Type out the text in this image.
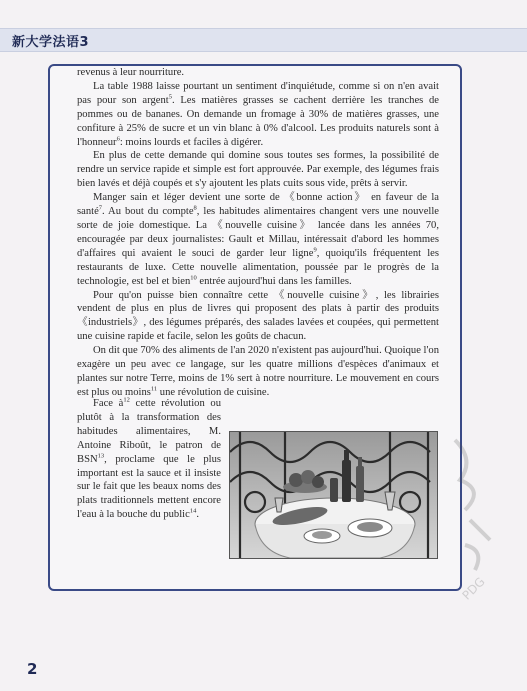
新大学法语3

revenus à leur nourriture.

La table 1988 laisse pourtant un sentiment d'inquiétude, comme si on n'en avait pas pour son argent$^5$. Les matières grasses se cachent derrière les tranches de pommes ou de bananes. On demande un fromage à 30% de matières grasses, une confiture à 25% de sucre et un vin blanc à 0% d'alcool. Les produits naturels sont à l'honneur$^6$: moins lourds et faciles à digérer.

En plus de cette demande qui domine sous toutes ses formes, la possibilité de rendre un service rapide et simple est fort approuvée. Par exemple, des légumes frais bien lavés et déjà coupés et s'y ajoutent les plats cuits sous vide, prêts à servir.

Manger sain et léger devient une sorte de 《bonne action》 en faveur de la santé$^7$. Au bout du compte$^8$, les habitudes alimentaires changent vers une nouvelle sorte de joie domestique. La 《nouvelle cuisine》 lancée dans les années 70, encouragée par deux journalistes: Gault et Millau, intéressait d'abord les hommes d'affaires qui avaient le souci de garder leur ligne$^9$, quoiqu'ils fréquentent les restaurants de luxe. Cette nouvelle alimentation, poussée par le progrès de la technologie, est bel et bien$^{10}$ entrée aujourd'hui dans les familles.

Pour qu'on puisse bien connaître cette 《nouvelle cuisine》, les librairies vendent de plus en plus de livres qui proposent des plats à partir des produits 《industriels》, des légumes préparés, des salades lavées et coupées, qui permettent une cuisine rapide et facile, selon les goûts de chacun.

On dit que 70% des aliments de l'an 2020 n'existent pas aujourd'hui. Quoique l'on exagère un peu avec ce langage, sur les quatre millions d'espèces d'animaux et plantes sur notre Terre, moins de 1% sert à notre nourriture. Le mouvement en cours est plus ou moins$^{11}$ une révolution de cuisine.

Face $à^{12}$ cette révolution ou plutôt à la transformation des habitudes alimentaires, M. Antoine Riboût, le patron de BSN$^{13}$, proclame que le plus important est la sauce et il insiste sur le fait que les beaux noms des plats traditionnels mettent encore l'eau à la bouche du public$^{14}$.

PDG
2
